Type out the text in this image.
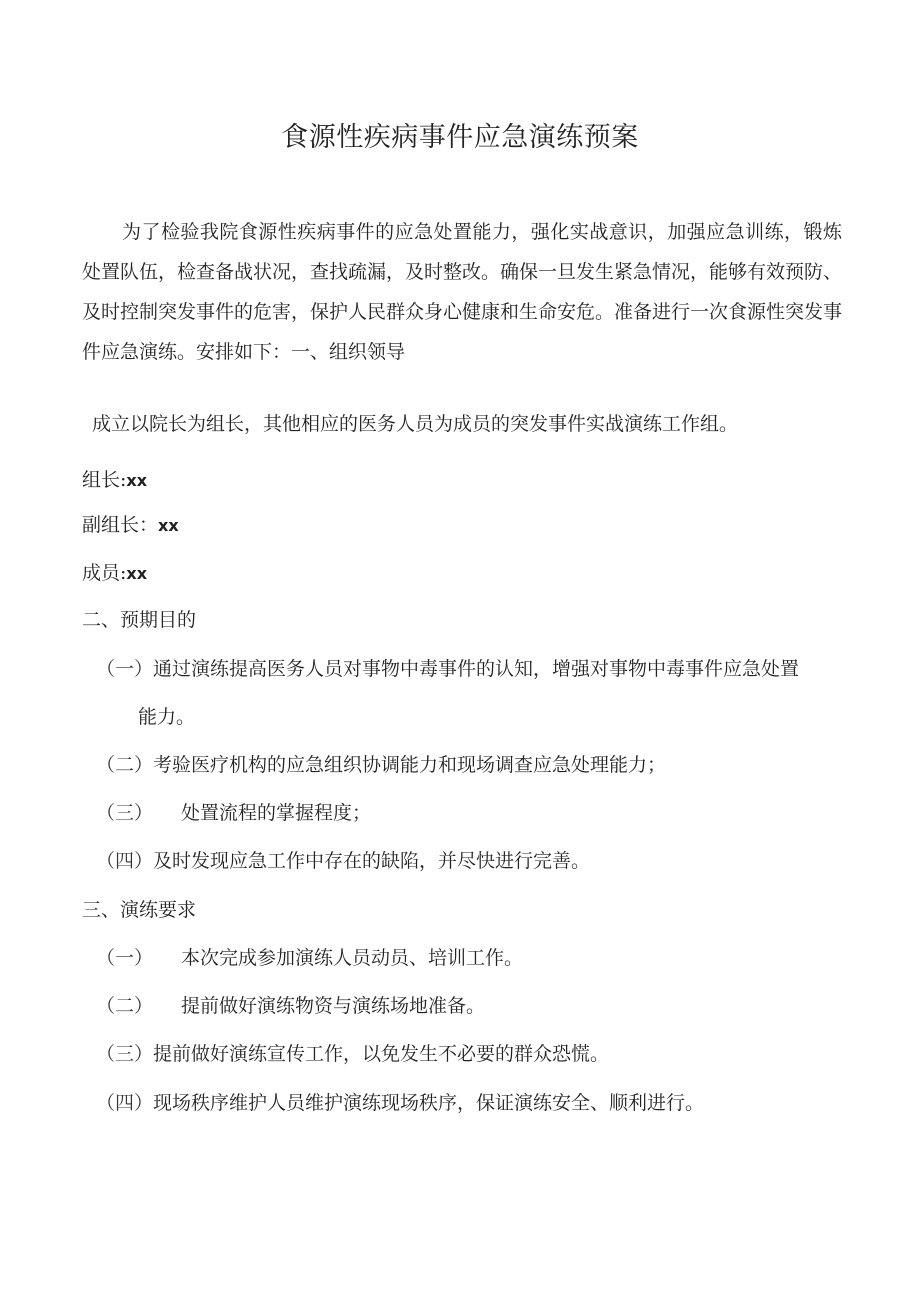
食源性疾病事件应急演练预案

为了检验我院食源性疾病事件的应急处置能力，强化实战意识，加强应急训练，锻炼处置队伍，检查备战状况，查找疏漏，及时整改。确保一旦发生紧急情况，能够有效预防、及时控制突发事件的危害，保护人民群众身心健康和生命安危。准备进行一次食源性突发事件应急演练。安排如下：一、组织领导

成立以院长为组长，其他相应的医务人员为成员的突发事件实战演练工作组。

组长:xx

副组长：xx

成员:xx

二、预期目的

（一）通过演练提高医务人员对事物中毒事件的认知，增强对事物中毒事件应急处置

能力。

（二）考验医疗机构的应急组织协调能力和现场调查应急处理能力；

（三） 处置流程的掌握程度；

（四）及时发现应急工作中存在的缺陷，并尽快进行完善。

三、演练要求

（一） 本次完成参加演练人员动员、培训工作。

（二） 提前做好演练物资与演练场地准备。

（三）提前做好演练宣传工作，以免发生不必要的群众恐慌。

（四）现场秩序维护人员维护演练现场秩序，保证演练安全、顺利进行。
